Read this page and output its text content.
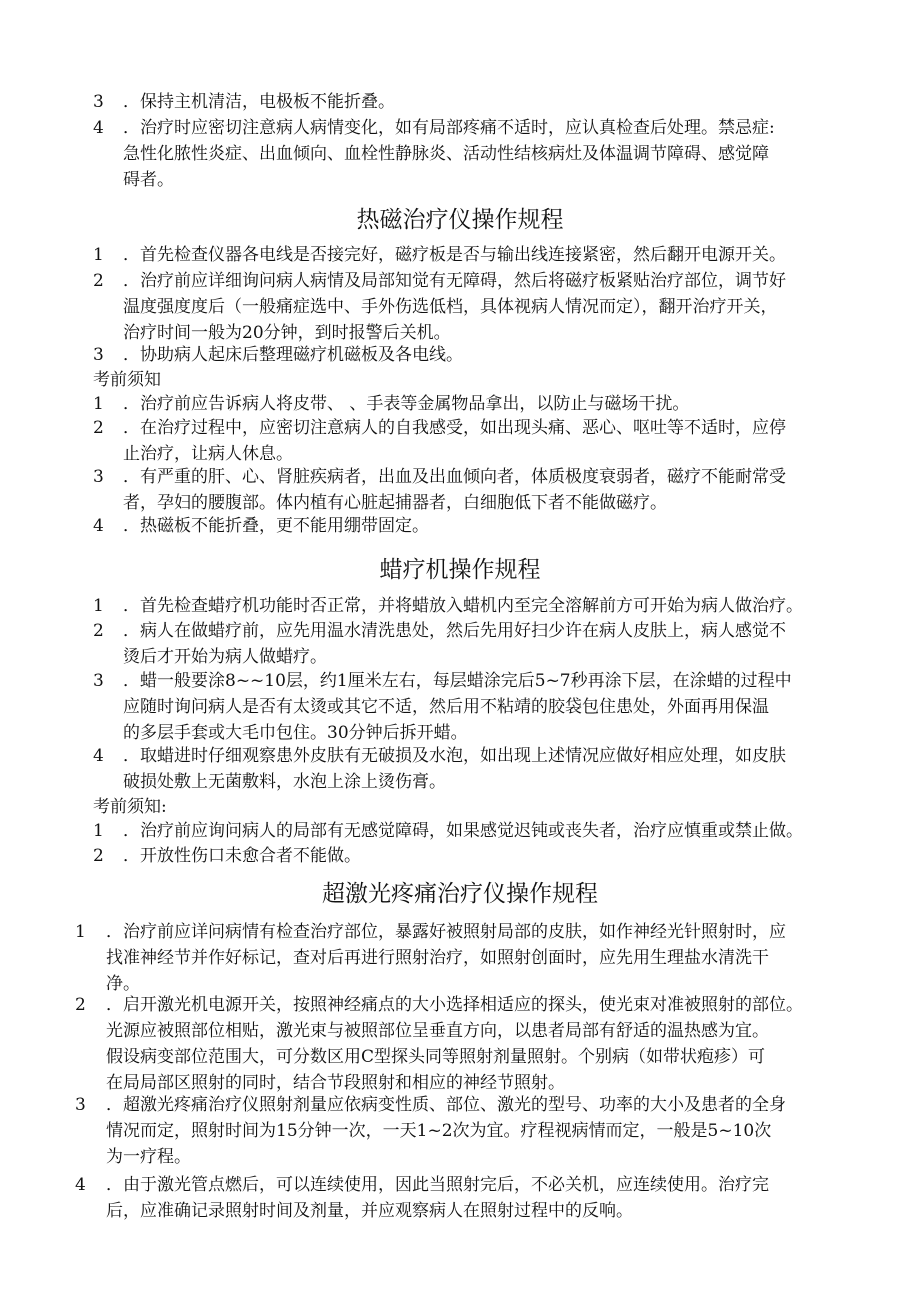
3 ．保持主机清洁，电极板不能折叠。
4 ．治疗时应密切注意病人病情变化，如有局部疼痛不适时，应认真检查后处理。禁忌症:
急性化脓性炎症、出血倾向、血栓性静脉炎、活动性结核病灶及体温调节障碍、感觉障
碍者。
热磁治疗仪操作规程
1 ．首先检查仪器各电线是否接完好，磁疗板是否与输出线连接紧密，然后翻开电源开关。
2 ．治疗前应详细询问病人病情及局部知觉有无障碍，然后将磁疗板紧贴治疗部位，调节好
温度强度度后（一般痛症选中、手外伤选低档，具体视病人情况而定），翻开治疗开关，
治疗时间一般为20分钟，到时报警后关机。
3 ．协助病人起床后整理磁疗机磁板及各电线。
考前须知
1 ．治疗前应告诉病人将皮带、 、手表等金属物品拿出，以防止与磁场干扰。
2 ．在治疗过程中，应密切注意病人的自我感受，如出现头痛、恶心、呕吐等不适时，应停
止治疗，让病人休息。
3 ．有严重的肝、心、肾脏疾病者，出血及出血倾向者，体质极度衰弱者，磁疗不能耐常受
者，孕妇的腰腹部。体内植有心脏起捕器者，白细胞低下者不能做磁疗。
4 ．热磁板不能折叠，更不能用绷带固定。
蜡疗机操作规程
1 ．首先检查蜡疗机功能时否正常，并将蜡放入蜡机内至完全溶解前方可开始为病人做治疗。
2 ．病人在做蜡疗前，应先用温水清洗患处，然后先用好扫少许在病人皮肤上，病人感觉不
烫后才开始为病人做蜡疗。
3 ．蜡一般要涂8~~10层，约1厘米左右，每层蜡涂完后5~7秒再涂下层，在涂蜡的过程中
应随时询问病人是否有太烫或其它不适，然后用不粘靖的胶袋包住患处，外面再用保温
的多层手套或大毛巾包住。30分钟后拆开蜡。
4 ．取蜡进时仔细观察患外皮肤有无破损及水泡，如出现上述情况应做好相应处理，如皮肤
破损处敷上无菌敷料，水泡上涂上烫伤膏。
考前须知:
1 ．治疗前应询问病人的局部有无感觉障碍，如果感觉迟钝或丧失者，治疗应慎重或禁止做。
2 ．开放性伤口未愈合者不能做。
超激光疼痛治疗仪操作规程
1	．治疗前应详问病情有检查治疗部位，暴露好被照射局部的皮肤，如作神经光针照射时，应
找准神经节并作好标记，查对后再进行照射治疗，如照射创面时，应先用生理盐水清洗干
净。
2	．启开激光机电源开关，按照神经痛点的大小选择相适应的探头，使光束对准被照射的部位。
光源应被照部位相贴，激光束与被照部位呈垂直方向，以患者局部有舒适的温热感为宜。
假设病变部位范围大，可分数区用C型探头同等照射剂量照射。个别病（如带状疱疹）可
在局局部区照射的同时，结合节段照射和相应的神经节照射。
3	．超激光疼痛治疗仪照射剂量应依病变性质、部位、激光的型号、功率的大小及患者的全身
情况而定，照射时间为15分钟一次，一天1~2次为宜。疗程视病情而定，一般是5~10次
为一疗程。
4	．由于激光管点燃后，可以连续使用，因此当照射完后，不必关机，应连续使用。治疗完
后，应准确记录照射时间及剂量，并应观察病人在照射过程中的反响。
